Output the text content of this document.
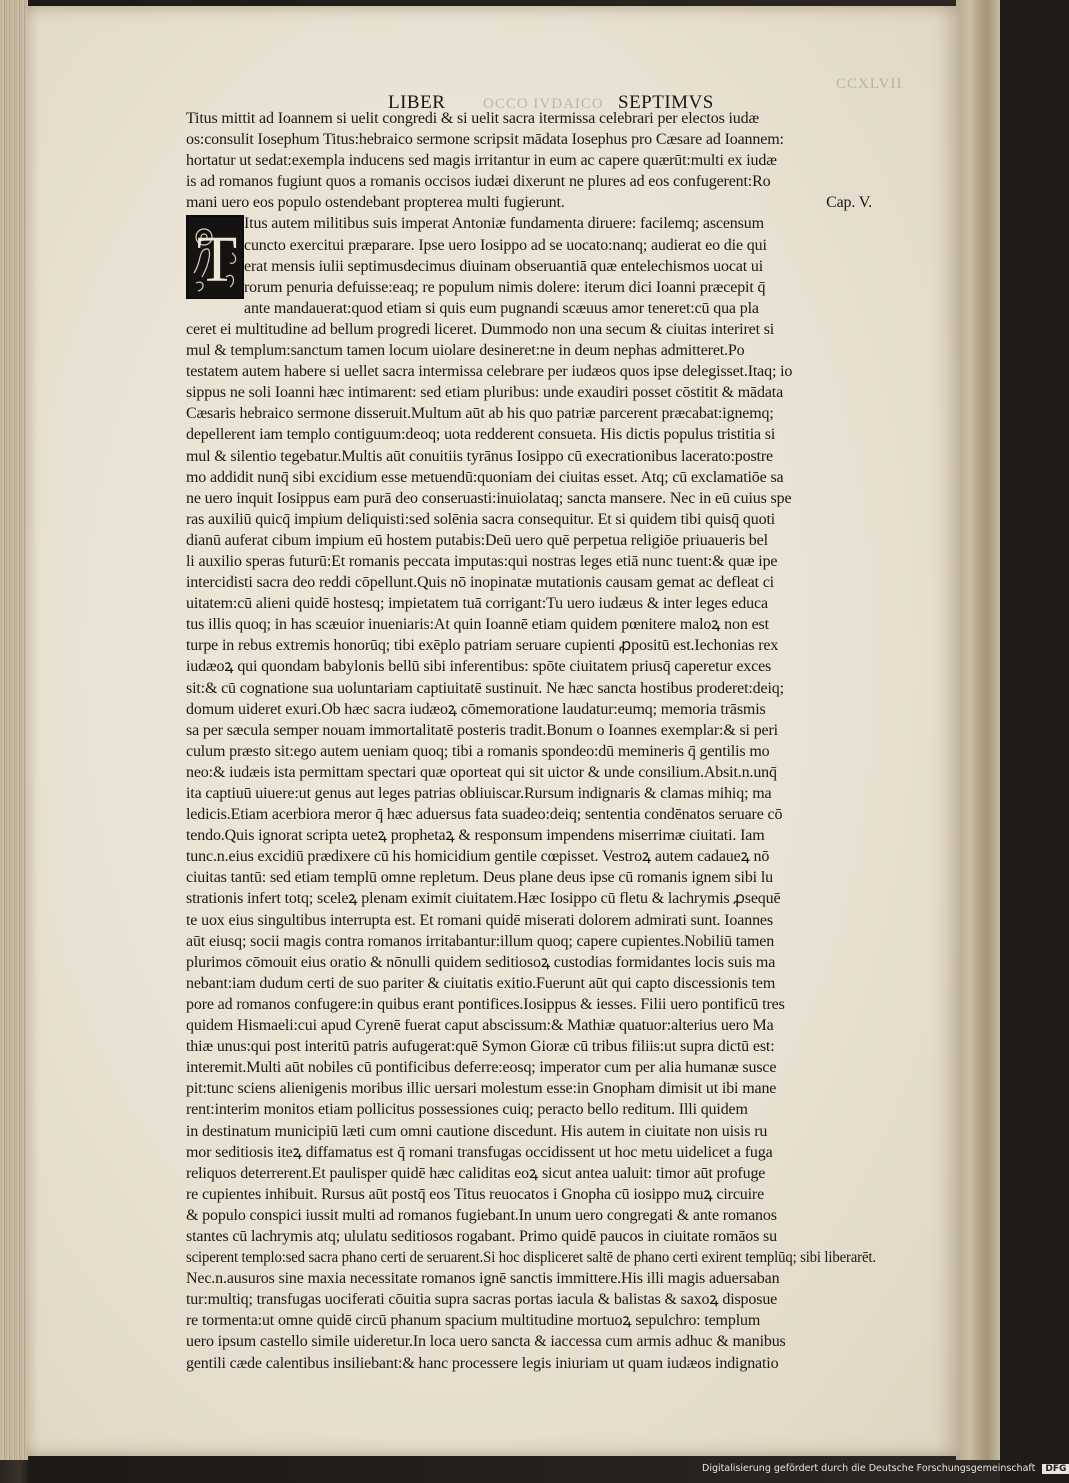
OCCO IVDAICO
CCXLVII
LIBER	SEPTIMVS
Titus mittit ad Ioannem si uelit congredi & si uelit sacra itermissa celebrari per electos iudæ
os:consulit Iosephum Titus:hebraico sermone scripsit mādata Iosephus pro Cæsare ad Ioannem:
hortatur ut sedat:exempla inducens sed magis irritantur in eum ac capere quærūt:multi ex iudæ
is ad romanos fugiunt quos a romanis occisos iudæi dixerunt ne plures ad eos confugerent:Ro
mani uero eos populo ostendebant propterea multi fugierunt.	Cap. V.
Itus autem militibus suis imperat Antoniæ fundamenta diruere: facilemq; ascensum
cuncto exercitui præparare. Ipse uero Iosippo ad se uocato:nanq; audierat eo die qui
erat mensis iulii septimusdecimus diuinam obseruantiā quæ entelechismos uocat ui
rorum penuria defuisse:eaq; re populum nimis dolere: iterum dici Ioanni præcepit q̄
ante mandauerat:quod etiam si quis eum pugnandi scæuus amor teneret:cū qua pla
ceret ei multitudine ad bellum progredi liceret. Dummodo non una secum & ciuitas interiret si
mul & templum:sanctum tamen locum uiolare desineret:ne in deum nephas admitteret.Po
testatem autem habere si uellet sacra intermissa celebrare per iudæos quos ipse delegisset.Itaq; io
sippus ne soli Ioanni hæc intimarent: sed etiam pluribus: unde exaudiri posset cōstitit & mādata
Cæsaris hebraico sermone disseruit.Multum aūt ab his quo patriæ parcerent præcabat:ignemq;
depellerent iam templo contiguum:deoq; uota redderent consueta. His dictis populus tristitia si
mul & silentio tegebatur.Multis aūt conuitiis tyrānus Iosippo cū execrationibus lacerato:postre
mo addidit nunq̄ sibi excidium esse metuendū:quoniam dei ciuitas esset. Atq; cū exclamatiōe sa
ne uero inquit Iosippus eam purā deo conseruasti:inuiolataq; sancta mansere. Nec in eū cuius spe
ras auxiliū quicq̄ impium deliquisti:sed solēnia sacra consequitur. Et si quidem tibi quisq̄ quoti
dianū auferat cibum impium eū hostem putabis:Deū uero quē perpetua religiōe priuaueris bel
li auxilio speras futurū:Et romanis peccata imputas:qui nostras leges etiā nunc tuent:& quæ ipe
intercidisti sacra deo reddi cōpellunt.Quis nō inopinatæ mutationis causam gemat ac defleat ci
uitatem:cū alieni quidē hostesq; impietatem tuā corrigant:Tu uero iudæus & inter leges educa
tus illis quoq; in has scæuior inueniaris:At quin Ioannē etiam quidem pœnitere maloꝝ non est
turpe in rebus extremis honorūq; tibi exēplo patriam seruare cupienti ꝓpositū est.Iechonias rex
iudæoꝝ qui quondam babylonis bellū sibi inferentibus: spōte ciuitatem priusq̄ caperetur exces
sit:& cū cognatione sua uoluntariam captiuitatē sustinuit. Ne hæc sancta hostibus proderet:deiq;
domum uideret exuri.Ob hæc sacra iudæoꝝ cōmemoratione laudatur:eumq; memoria trāsmis
sa per sæcula semper nouam immortalitatē posteris tradit.Bonum o Ioannes exemplar:& si peri
culum præsto sit:ego autem ueniam quoq; tibi a romanis spondeo:dū memineris q̄ gentilis mo
neo:& iudæis ista permittam spectari quæ oporteat qui sit uictor & unde consilium.Absit.n.unq̄
ita captiuū uiuere:ut genus aut leges patrias obliuiscar.Rursum indignaris & clamas mihiq; ma
ledicis.Etiam acerbiora meror q̄ hæc aduersus fata suadeo:deiq; sententia condēnatos seruare cō
tendo.Quis ignorat scripta ueteꝝ prophetaꝝ & responsum impendens miserrimæ ciuitati. Iam
tunc.n.eius excidiū prædixere cū his homicidium gentile cœpisset. Vestroꝝ autem cadaueꝝ nō
ciuitas tantū: sed etiam templū omne repletum. Deus plane deus ipse cū romanis ignem sibi lu
strationis infert totq; sceleꝝ plenam eximit ciuitatem.Hæc Iosippo cū fletu & lachrymis ꝓsequē
te uox eius singultibus interrupta est. Et romani quidē miserati dolorem admirati sunt. Ioannes
aūt eiusq; socii magis contra romanos irritabantur:illum quoq; capere cupientes.Nobiliū tamen
plurimos cōmouit eius oratio & nōnulli quidem seditiosoꝝ custodias formidantes locis suis ma
nebant:iam dudum certi de suo pariter & ciuitatis exitio.Fuerunt aūt qui capto discessionis tem
pore ad romanos confugere:in quibus erant pontifices.Iosippus & iesses. Filii uero pontificū tres
quidem Hismaeli:cui apud Cyrenē fuerat caput abscissum:& Mathiæ quatuor:alterius uero Ma
thiæ unus:qui post interitū patris aufugerat:quē Symon Gioræ cū tribus filiis:ut supra dictū est:
interemit.Multi aūt nobiles cū pontificibus deferre:eosq; imperator cum per alia humanæ susce
pit:tunc sciens alienigenis moribus illic uersari molestum esse:in Gnopham dimisit ut ibi mane
rent:interim monitos etiam pollicitus possessiones cuiq; peracto bello reditum. Illi quidem
in destinatum municipiū læti cum omni cautione discedunt. His autem in ciuitate non uisis ru
mor seditiosis iteꝝ diffamatus est q̄ romani transfugas occidissent ut hoc metu uidelicet a fuga
reliquos deterrerent.Et paulisper quidē hæc caliditas eoꝝ sicut antea ualuit: timor aūt profuge
re cupientes inhibuit. Rursus aūt postq̄ eos Titus reuocatos i Gnopha cū iosippo muꝝ circuire
& populo conspici iussit multi ad romanos fugiebant.In unum uero congregati & ante romanos
stantes cū lachrymis atq; ululatu seditiosos rogabant. Primo quidē paucos in ciuitate romāos su
sciperent templo:sed sacra phano certi de seruarent.Si hoc displiceret saltē de phano certi exirent templūq; sibi liberarēt.
Nec.n.ausuros sine maxia necessitate romanos ignē sanctis immittere.His illi magis aduersaban
tur:multiq; transfugas uociferati cōuitia supra sacras portas iacula & balistas & saxoꝝ disposue
re tormenta:ut omne quidē circū phanum spacium multitudine mortuoꝝ sepulchro: templum
uero ipsum castello simile uideretur.In loca uero sancta & iaccessa cum armis adhuc & manibus
gentili cæde calentibus insiliebant:& hanc processere legis iniuriam ut quam iudæos indignatio
T
Digitalisierung gefördert durch die Deutsche Forschungsgemeinschaft DFG
